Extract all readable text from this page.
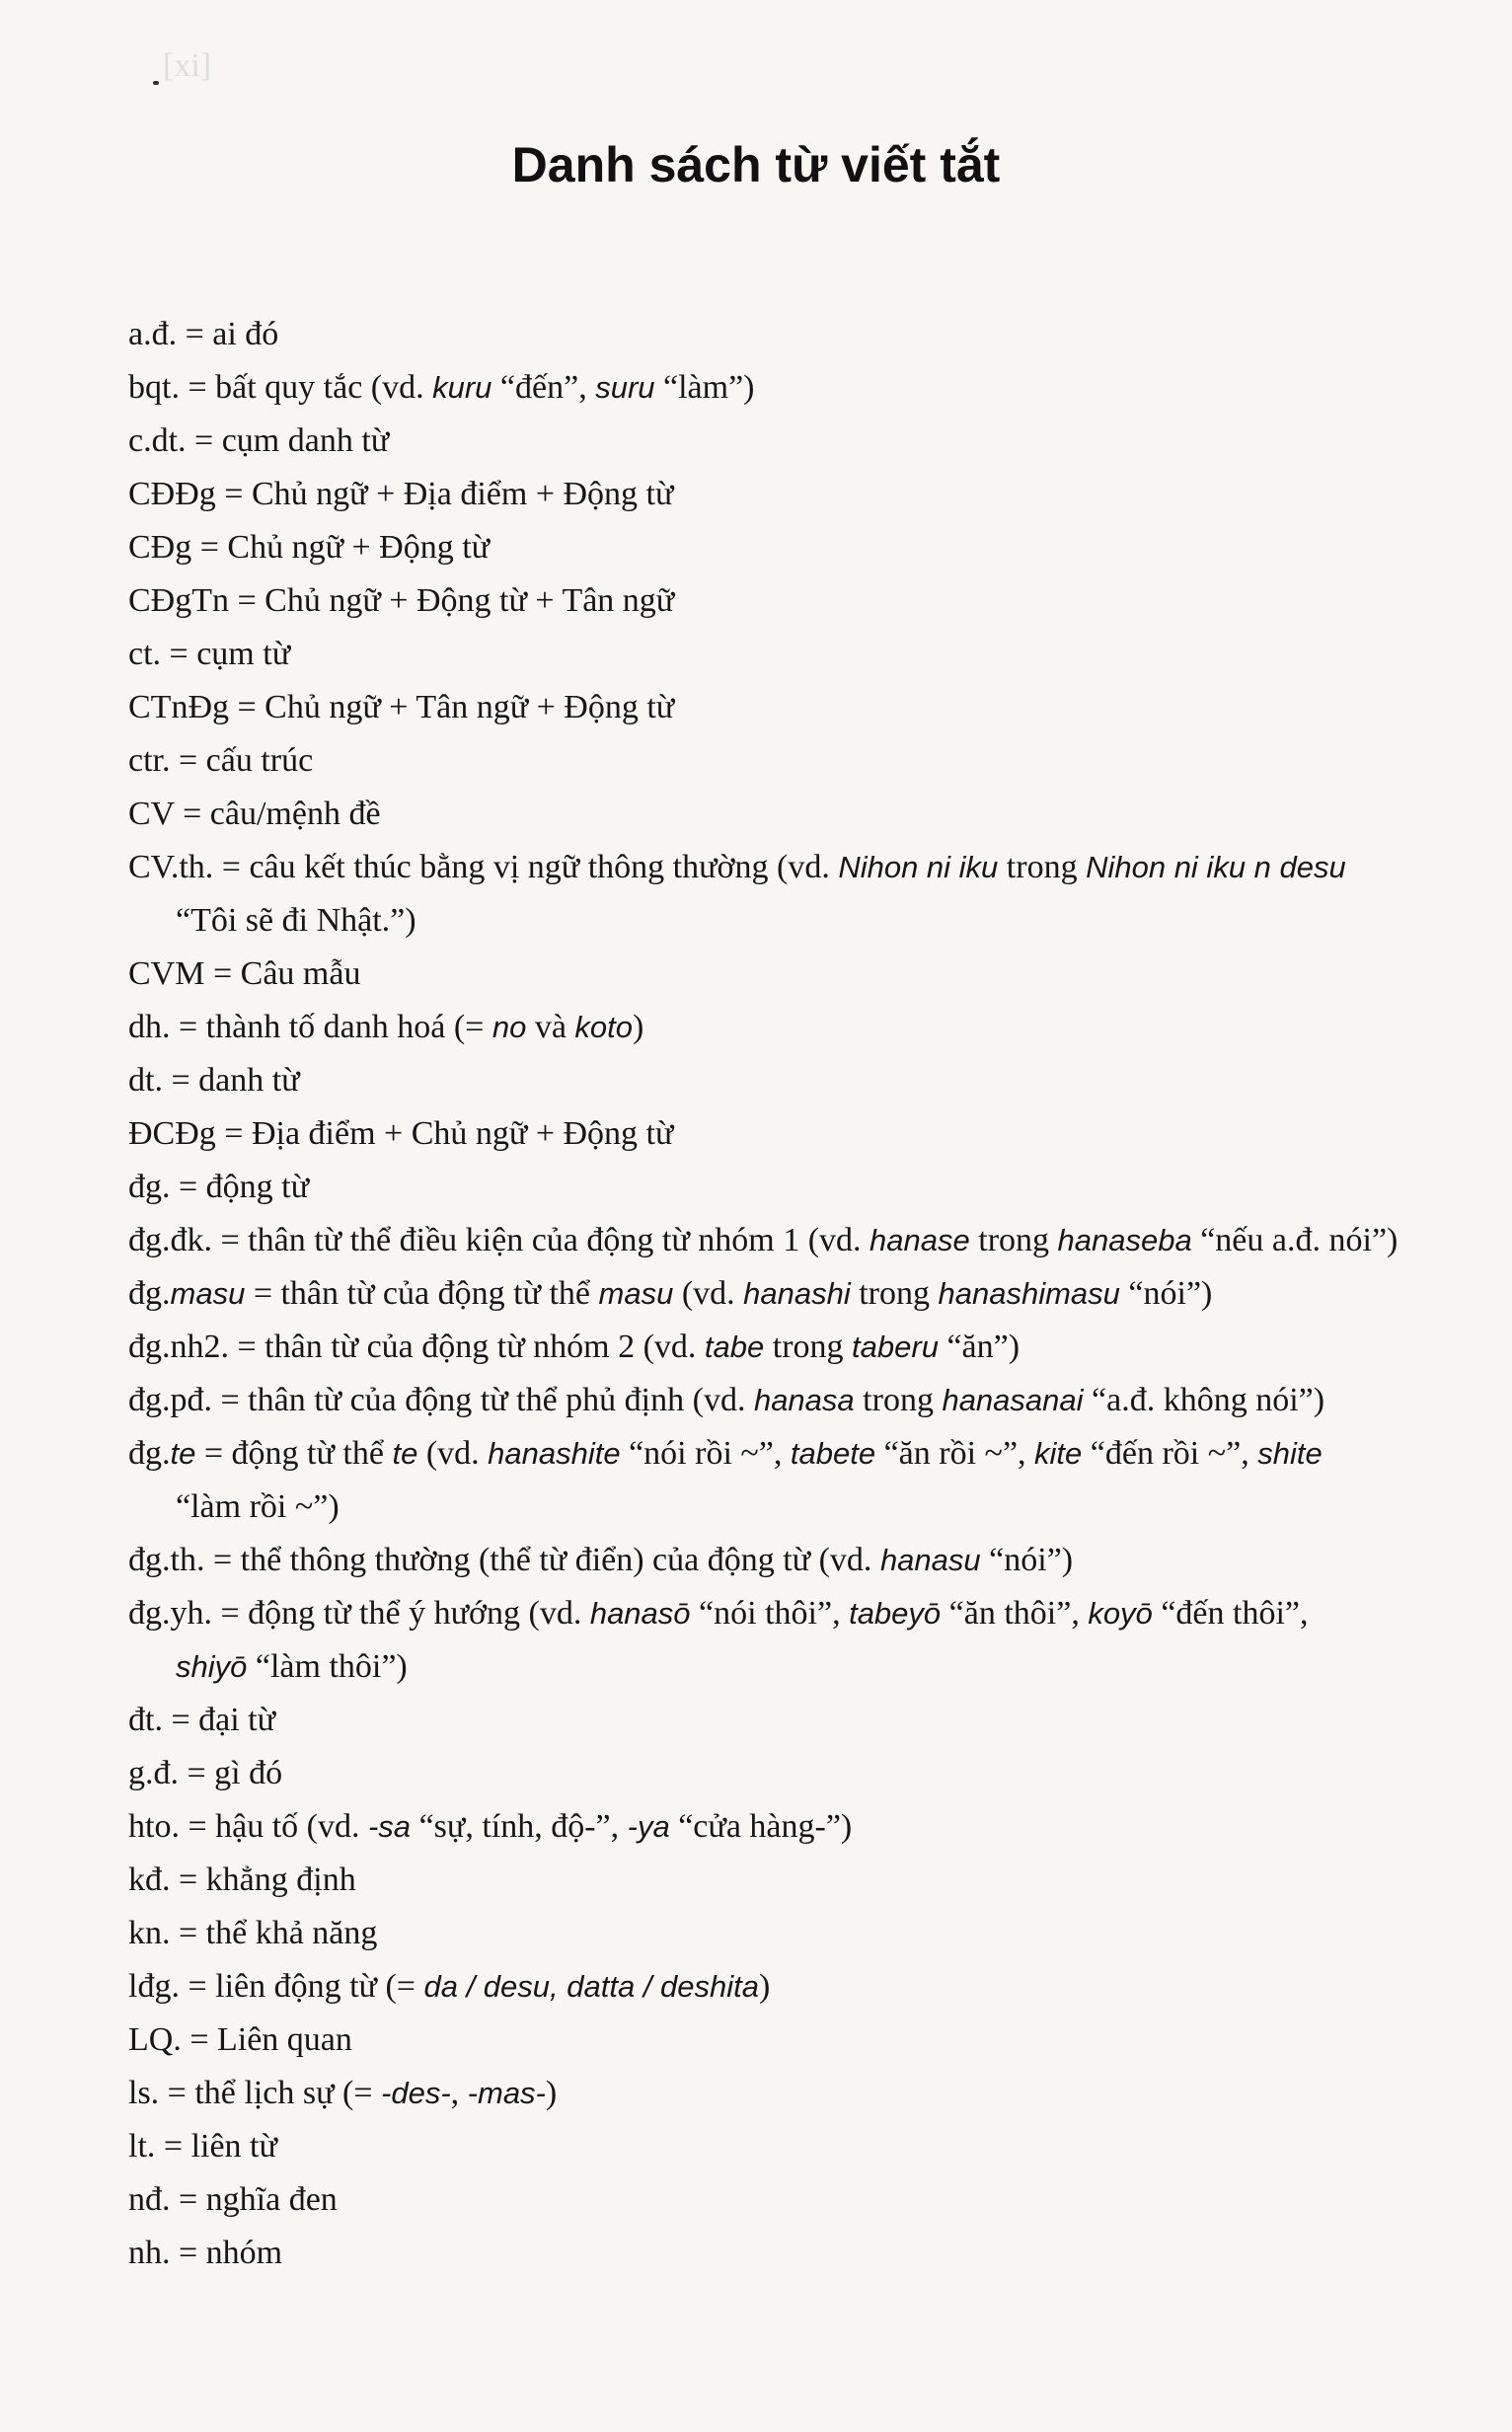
[xi]
Danh sách từ viết tắt
a.đ. = ai đó
bqt. = bất quy tắc (vd. kuru “đến”, suru “làm”)
c.dt. = cụm danh từ
CĐĐg = Chủ ngữ + Địa điểm + Động từ
CĐg = Chủ ngữ + Động từ
CĐgTn = Chủ ngữ + Động từ + Tân ngữ
ct. = cụm từ
CTnĐg = Chủ ngữ + Tân ngữ + Động từ
ctr. = cấu trúc
CV = câu/mệnh đề
CV.th. = câu kết thúc bằng vị ngữ thông thường (vd. Nihon ni iku trong Nihon ni iku n desu
“Tôi sẽ đi Nhật.”)
CVM = Câu mẫu
dh. = thành tố danh hoá (= no và koto)
dt. = danh từ
ĐCĐg = Địa điểm + Chủ ngữ + Động từ
đg. = động từ
đg.đk. = thân từ thể điều kiện của động từ nhóm 1 (vd. hanase trong hanaseba “nếu a.đ. nói”)
đg.masu = thân từ của động từ thể masu (vd. hanashi trong hanashimasu “nói”)
đg.nh2. = thân từ của động từ nhóm 2 (vd. tabe trong taberu “ăn”)
đg.pđ. = thân từ của động từ thể phủ định (vd. hanasa trong hanasanai “a.đ. không nói”)
đg.te = động từ thể te (vd. hanashite “nói rồi ~”, tabete “ăn rồi ~”, kite “đến rồi ~”, shite
“làm rồi ~”)
đg.th. = thể thông thường (thể từ điển) của động từ (vd. hanasu “nói”)
đg.yh. = động từ thể ý hướng (vd. hanasō “nói thôi”, tabeyō “ăn thôi”, koyō “đến thôi”,
shiyō “làm thôi”)
đt. = đại từ
g.đ. = gì đó
hto. = hậu tố (vd. -sa “sự, tính, độ-”, -ya “cửa hàng-”)
kđ. = khẳng định
kn. = thể khả năng
lđg. = liên động từ (= da / desu, datta / deshita)
LQ. = Liên quan
ls. = thể lịch sự (= -des-, -mas-)
lt. = liên từ
nđ. = nghĩa đen
nh. = nhóm
